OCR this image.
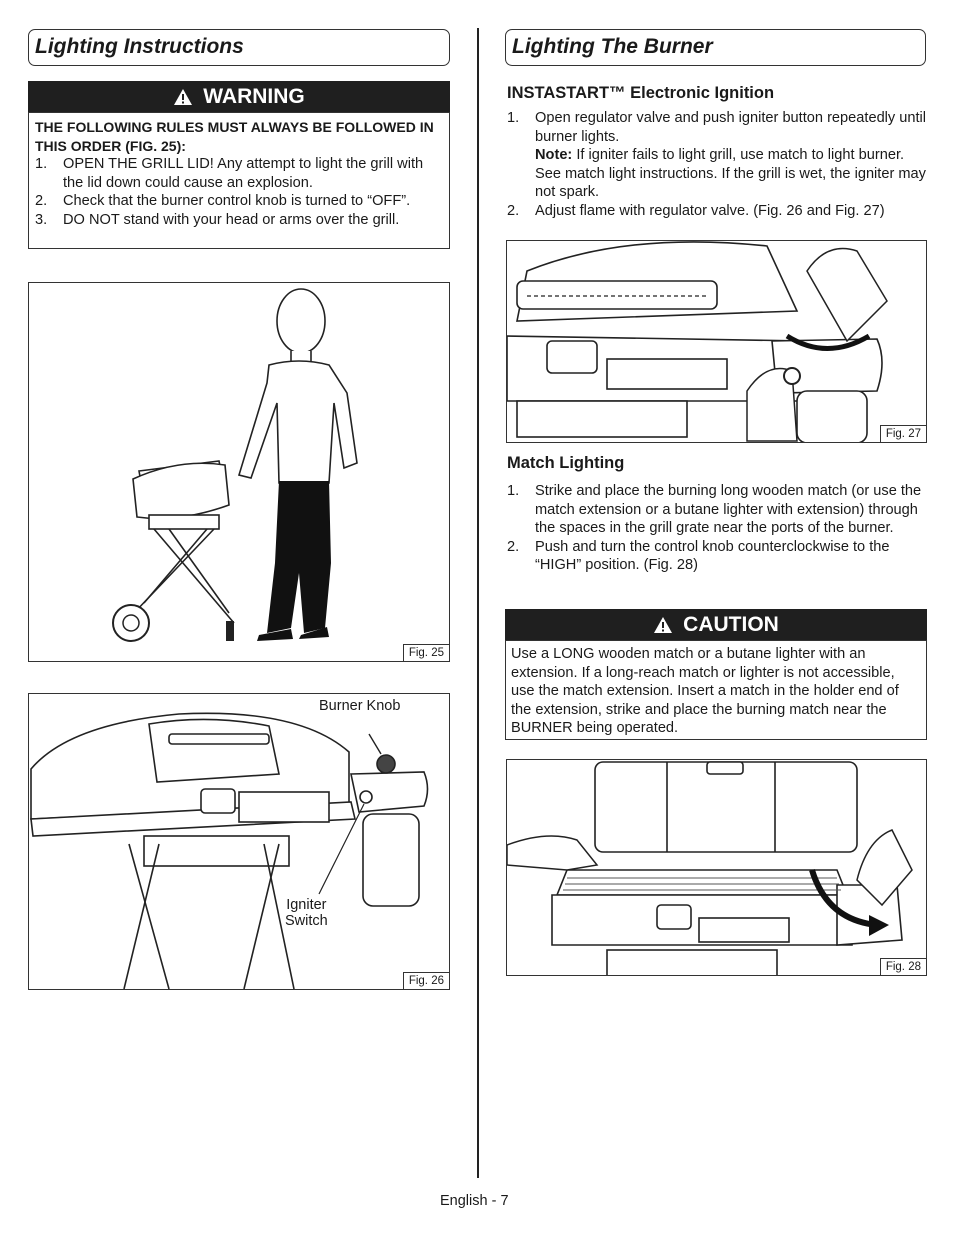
Lighting Instructions
WARNING
THE FOLLOWING RULES MUST ALWAYS BE FOLLOWED IN THIS ORDER (FIG. 25):
1. OPEN THE GRILL LID! Any attempt to light the grill with the lid down could cause an explosion.
2. Check that the burner control knob is turned to “OFF”.
3. DO NOT stand with your head or arms over the grill.
Fig. 25
Burner Knob
Igniter
Switch
Fig. 26
Lighting The Burner
INSTASTART™ Electronic Ignition
1. Open regulator valve and push igniter button repeatedly until burner lights.
Note: If igniter fails to light grill, use match to light burner. See match light instructions. If the grill is wet, the igniter may not spark.
2. Adjust flame with regulator valve. (Fig. 26 and Fig. 27)
Fig. 27
Match Lighting
1. Strike and place the burning long wooden match (or use the match extension or a butane lighter with extension) through the spaces in the grill grate near the ports of the burner.
2. Push and turn the control knob counterclockwise to the “HIGH” position. (Fig. 28)
CAUTION
Use a LONG wooden match or a butane lighter with an extension. If a long-reach match or lighter is not accessible, use the match extension. Insert a match in the holder end of the extension, strike and place the burning match near the BURNER being operated.
Fig. 28
English - 7
